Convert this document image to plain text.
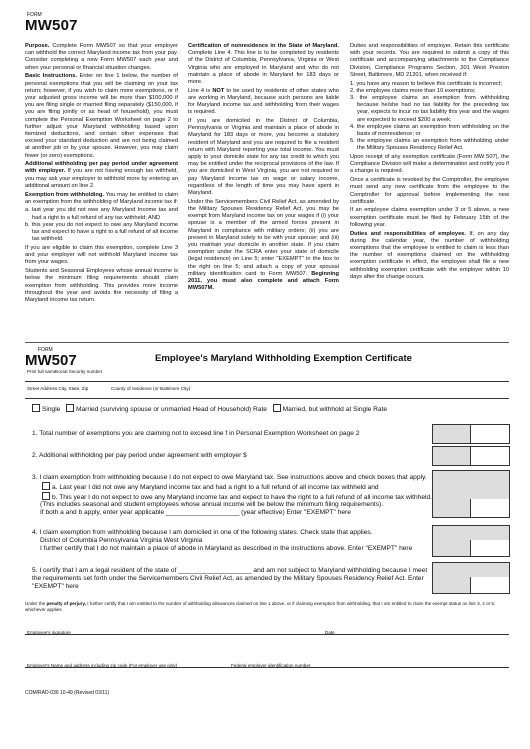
FORM
MW507

Purpose. Complete Form MW507 so that your employer can withhold the correct Maryland income tax from your pay. Consider completing a new Form MW507 each year and when your personal or financial situation changes.

Basic Instructions. Enter on line 1 below, the number of personal exemptions that you will be claiming on your tax return; however, if you wish to claim more exemptions, or if your adjusted gross income will be more than $100,000 if you are filing single or married filing separately ($150,000, if you are filing jointly or as head of household), you must complete the Personal Exemption Worksheet on page 2 to further adjust your Maryland withholding based upon itemized deductions, and certain other expenses that exceed your standard deduction and are not being claimed at another job or by your spouse. However, you may claim fewer (or zero) exemptions.

Additional withholding per pay period under agreement with employer. If you are not having enough tax withheld, you may ask your employer to withhold more by entering an additional amount on line 2.

Exemption from withholding. You may be entitled to claim an exemption from the withholding of Maryland income tax if:

a. last year you did not owe any Maryland Income tax and had a right to a full refund of any tax withheld; AND
b. this year you do not expect to owe any Maryland income tax and expect to have a right to a full refund of all income tax withheld.

If you are eligible to claim this exemption, complete Line 3 and your employer will not withhold Maryland income tax from your wages.

Students and Seasonal Employees whose annual income is below the minimum filing requirements should claim exemption from withholding. This provides more income throughout the year and avoids the necessity of filing a Maryland income tax return.

Certification of nonresidence in the State of Maryland. Complete Line 4. This line is to be completed by residents of the District of Columbia, Pennsylvania, Virginia or West Virginia who are employed in Maryland and who do not maintain a place of abode in Maryland for 183 days or more.

Line 4 is NOT to be used by residents of other states who are working in Maryland, because such persons are liable for Maryland income tax and withholding from their wages is required.

If you are domiciled in the District of Columbia, Pennsylvania or Virginia and maintain a place of abode in Maryland for 183 days or more, you become a statutory resident of Maryland and you are required to file a resident return with Maryland reporting your total income. You must apply to your domicile state for any tax credit to which you may be entitled under the reciprocal provisions of the law. If you are domiciled in West Virginia, you are not required to pay Maryland income tax on wage or salary income, regardless of the length of time you may have spent in Maryland.

Under the Servicemembers Civil Relief Act, as amended by the Military Spouses Residency Relief Act, you may be exempt from Maryland income tax on your wages if (i) your spouse is a member of the armed forces present in Maryland in compliance with military orders; (ii) you are present in Maryland solely to be with your spouse; and (iii) you maintain your domicile in another state. If you claim exemption under the SCRA enter your state of domicile (legal residence) on Line 5; enter "EXEMPT" in the box to the right on line 5; and attach a copy of your spousal military identification card to Form MW507. Beginning 2011, you must also complete and attach Form MW507M.

Duties and responsibilities of employer. Retain this certificate with your records. You are required to submit a copy of this certificate and accompanying attachments to the Compliance Division, Compliance Programs Section, 301 West Preston Street, Baltimore, MD 21201, when received if:

1. you have any reason to believe this certificate is incorrect;
2. the employee claims more than 10 exemptions;
3. the employee claims an exemption from withholding because he/she had no tax liability for the preceding tax year, expects to incur no tax liability this year and the wages are expected to exceed $200 a week;
4. the employee claims an exemption from withholding on the basis of nonresidence; or
5. the employee claims an exemption from withholding under the Military Spouses Residency Relief Act.

Upon receipt of any exemption certificate (Form MW 507), the Compliance Division will make a determination and notify you if a change is required.

Once a certificate is revoked by the Comptroller, the employee must send any new certificate from the employee to the Comptroller for approval before implementing the new certificate.

If an employee claims exemption under 3 or 5 above, a new exemption certificate must be filed by February 15th of the following year.

Duties and responsibilities of employee. If, on any day during the calendar year, the number of withholding exemptions that the employee is entitled to claim is less than the number of exemptions claimed on the withholding exemption certificate in effect, the employee shall file a new withholding exemption certificate with the employer within 10 days after the change occurs.

FORM
MW507	Employee's Maryland Withholding Exemption Certificate
Print full name
Social Security number
Street Address City, State, Zip	County of residence (or Baltimore City)
Single Married (surviving spouse or unmarried Head of Household) Rate Married, but withhold at Single Rate
1. Total number of exemptions you are claiming not to exceed line f in Personal Exemption Worksheet on page 2
2. Additional withholding per pay period under agreement with employer $
3. I claim exemption from withholding because I do not expect to owe Maryland tax. See instructions above and check boxes that apply.
a. Last year I did not owe any Maryland income tax and had a right to a full refund of all income tax withheld and
b. This year I do not expect to owe any Maryland income tax and expect to have the right to a full refund of all income tax withheld.
(This includes seasonal and student employees whose annual income will be below the minimum filing requirements).
If both a and b apply, enter year applicable ____________________ (year effective) Enter "EXEMPT" here
4. I claim exemption from withholding because I am domiciled in one of the following states. Check state that applies.
District of Columbia Pennsylvania Virginia West Virginia
I further certify that I do not maintain a place of abode in Maryland as described in the instructions above. Enter "EXEMPT" here
5. I certify that I am a legal resident of the state of ____________________ and am not subject to Maryland withholding because I meet the requirements set forth under the Servicemembers Civil Relief Act, as amended by the Military Spouses Residency Relief Act. Enter "EXEMPT" here
Under the penalty of perjury, I further certify that I am entitled to the number of withholding allowances claimed on line 1 above, or if claiming exemption from withholding, that I am entitled to claim the exempt status on line 3, 4 or 5, whichever applies.
Employee's signature	Date
Employer's Name and address including zip code (For employer use only)	Federal employer identification number
COM/RAD-036 10-49 (Revised 03/11)
